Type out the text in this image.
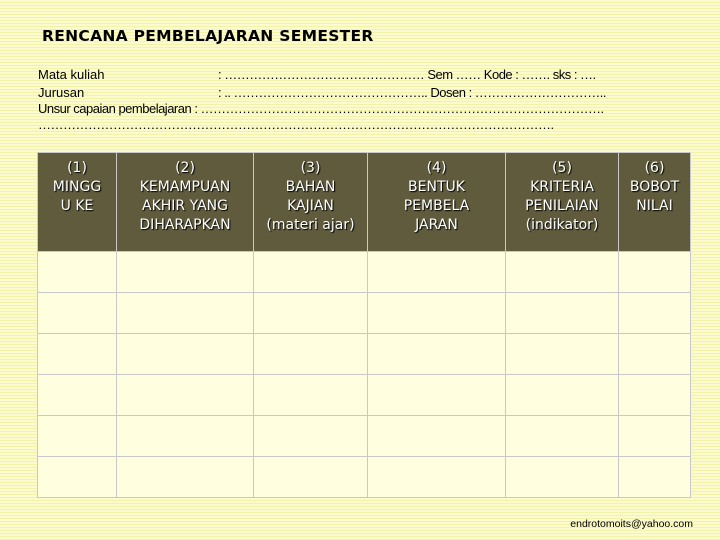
RENCANA PEMBELAJARAN SEMESTER
Mata kuliah	: ………………………………………… Sem …… Kode : ……. sks : ….
Jurusan	: .. ……………………………………….. Dosen : …………………………..
Unsur capaian pembelajaran : …………………………………………………………………………………….
…………………………………………………………………………………………………………….
(1)
MINGG
U KE	(2)
KEMAMPUAN
AKHIR YANG
DIHARAPKAN	(3)
BAHAN
KAJIAN
(materi ajar)	(4)
BENTUK
PEMBELA
JARAN	(5)
KRITERIA
PENILAIAN
(indikator)	(6)
BOBOT
NILAI

endrotomoits@yahoo.com
